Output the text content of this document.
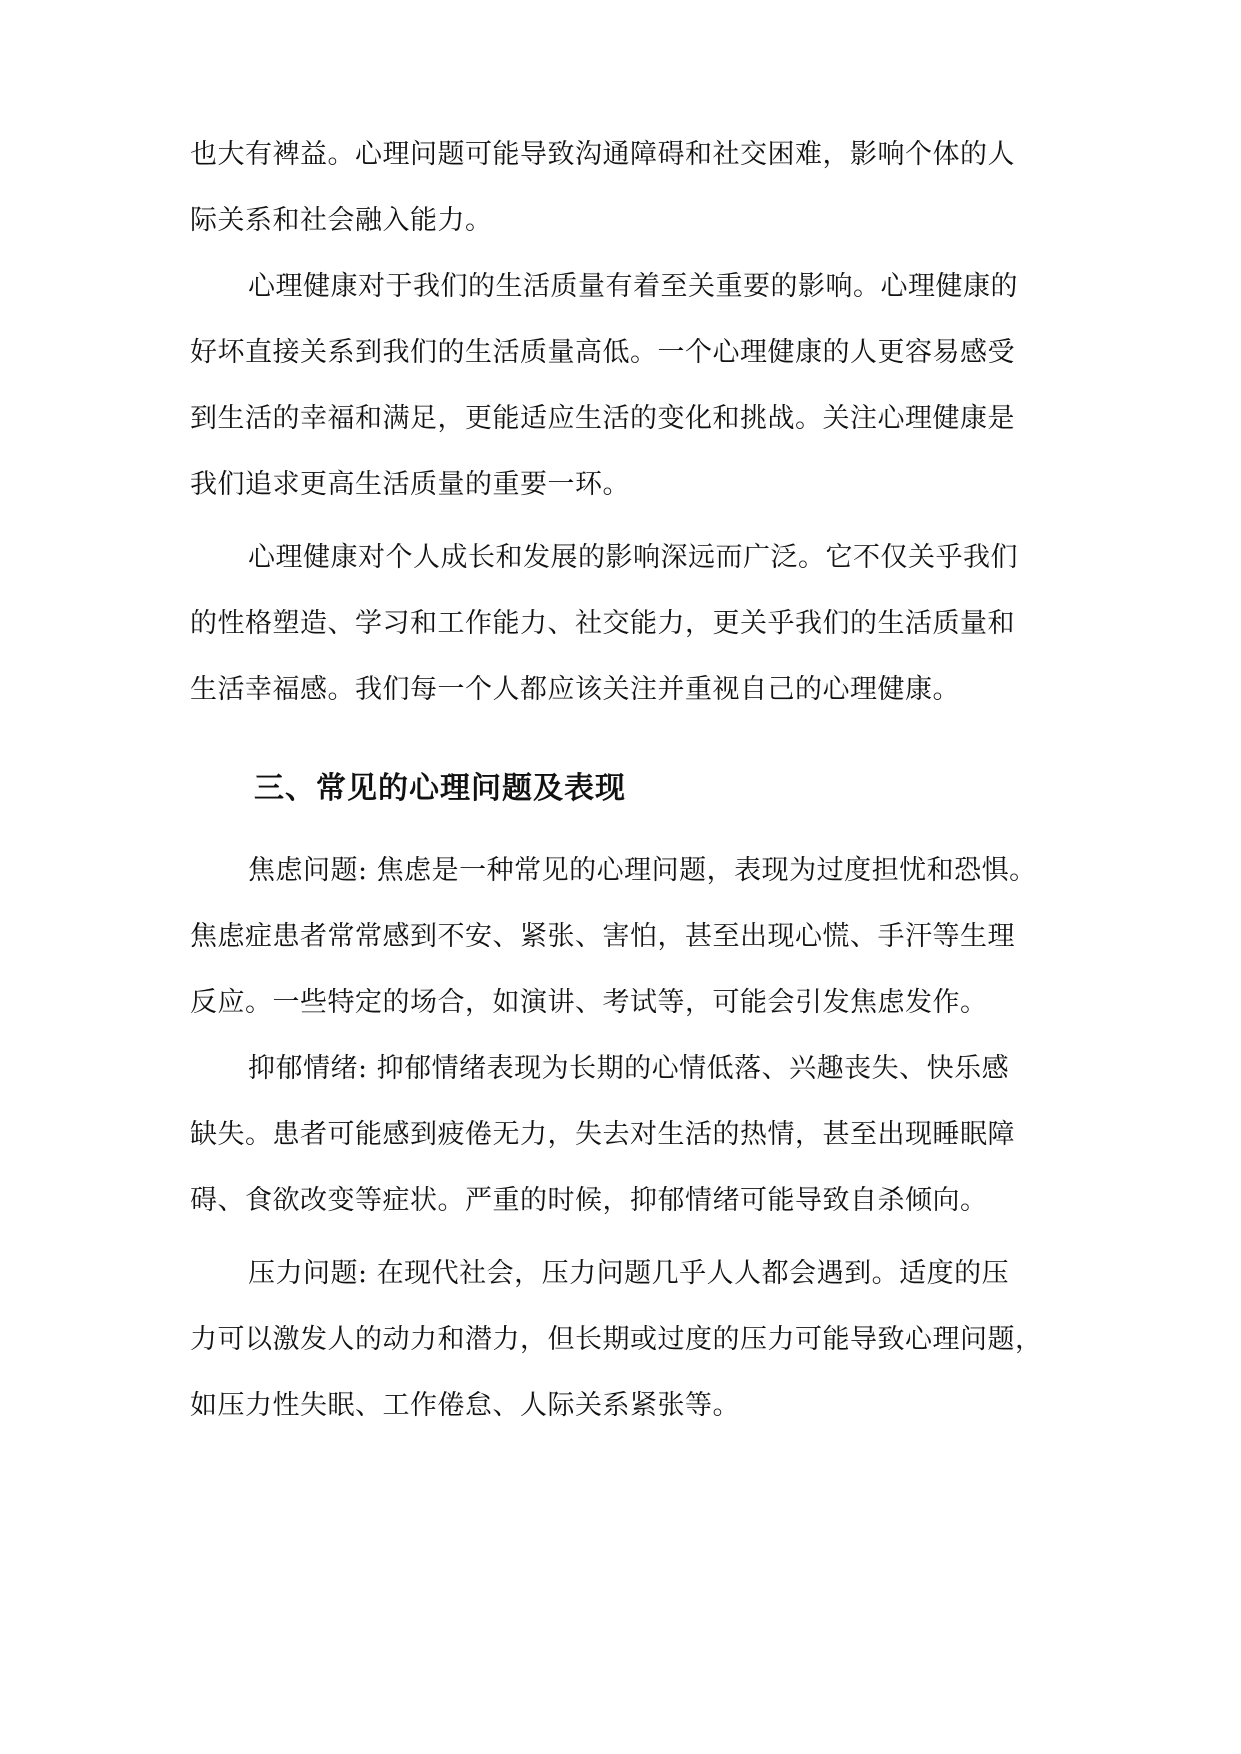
也大有裨益。心理问题可能导致沟通障碍和社交困难，影响个体的人
际关系和社会融入能力。
心理健康对于我们的生活质量有着至关重要的影响。心理健康的
好坏直接关系到我们的生活质量高低。一个心理健康的人更容易感受
到生活的幸福和满足，更能适应生活的变化和挑战。关注心理健康是
我们追求更高生活质量的重要一环。
心理健康对个人成长和发展的影响深远而广泛。它不仅关乎我们
的性格塑造、学习和工作能力、社交能力，更关乎我们的生活质量和
生活幸福感。我们每一个人都应该关注并重视自己的心理健康。
三、常见的心理问题及表现
焦虑问题: 焦虑是一种常见的心理问题，表现为过度担忧和恐惧。
焦虑症患者常常感到不安、紧张、害怕，甚至出现心慌、手汗等生理
反应。一些特定的场合，如演讲、考试等，可能会引发焦虑发作。
抑郁情绪: 抑郁情绪表现为长期的心情低落、兴趣丧失、快乐感
缺失。患者可能感到疲倦无力，失去对生活的热情，甚至出现睡眠障
碍、食欲改变等症状。严重的时候，抑郁情绪可能导致自杀倾向。
压力问题: 在现代社会，压力问题几乎人人都会遇到。适度的压
力可以激发人的动力和潜力，但长期或过度的压力可能导致心理问题，
如压力性失眠、工作倦怠、人际关系紧张等。
